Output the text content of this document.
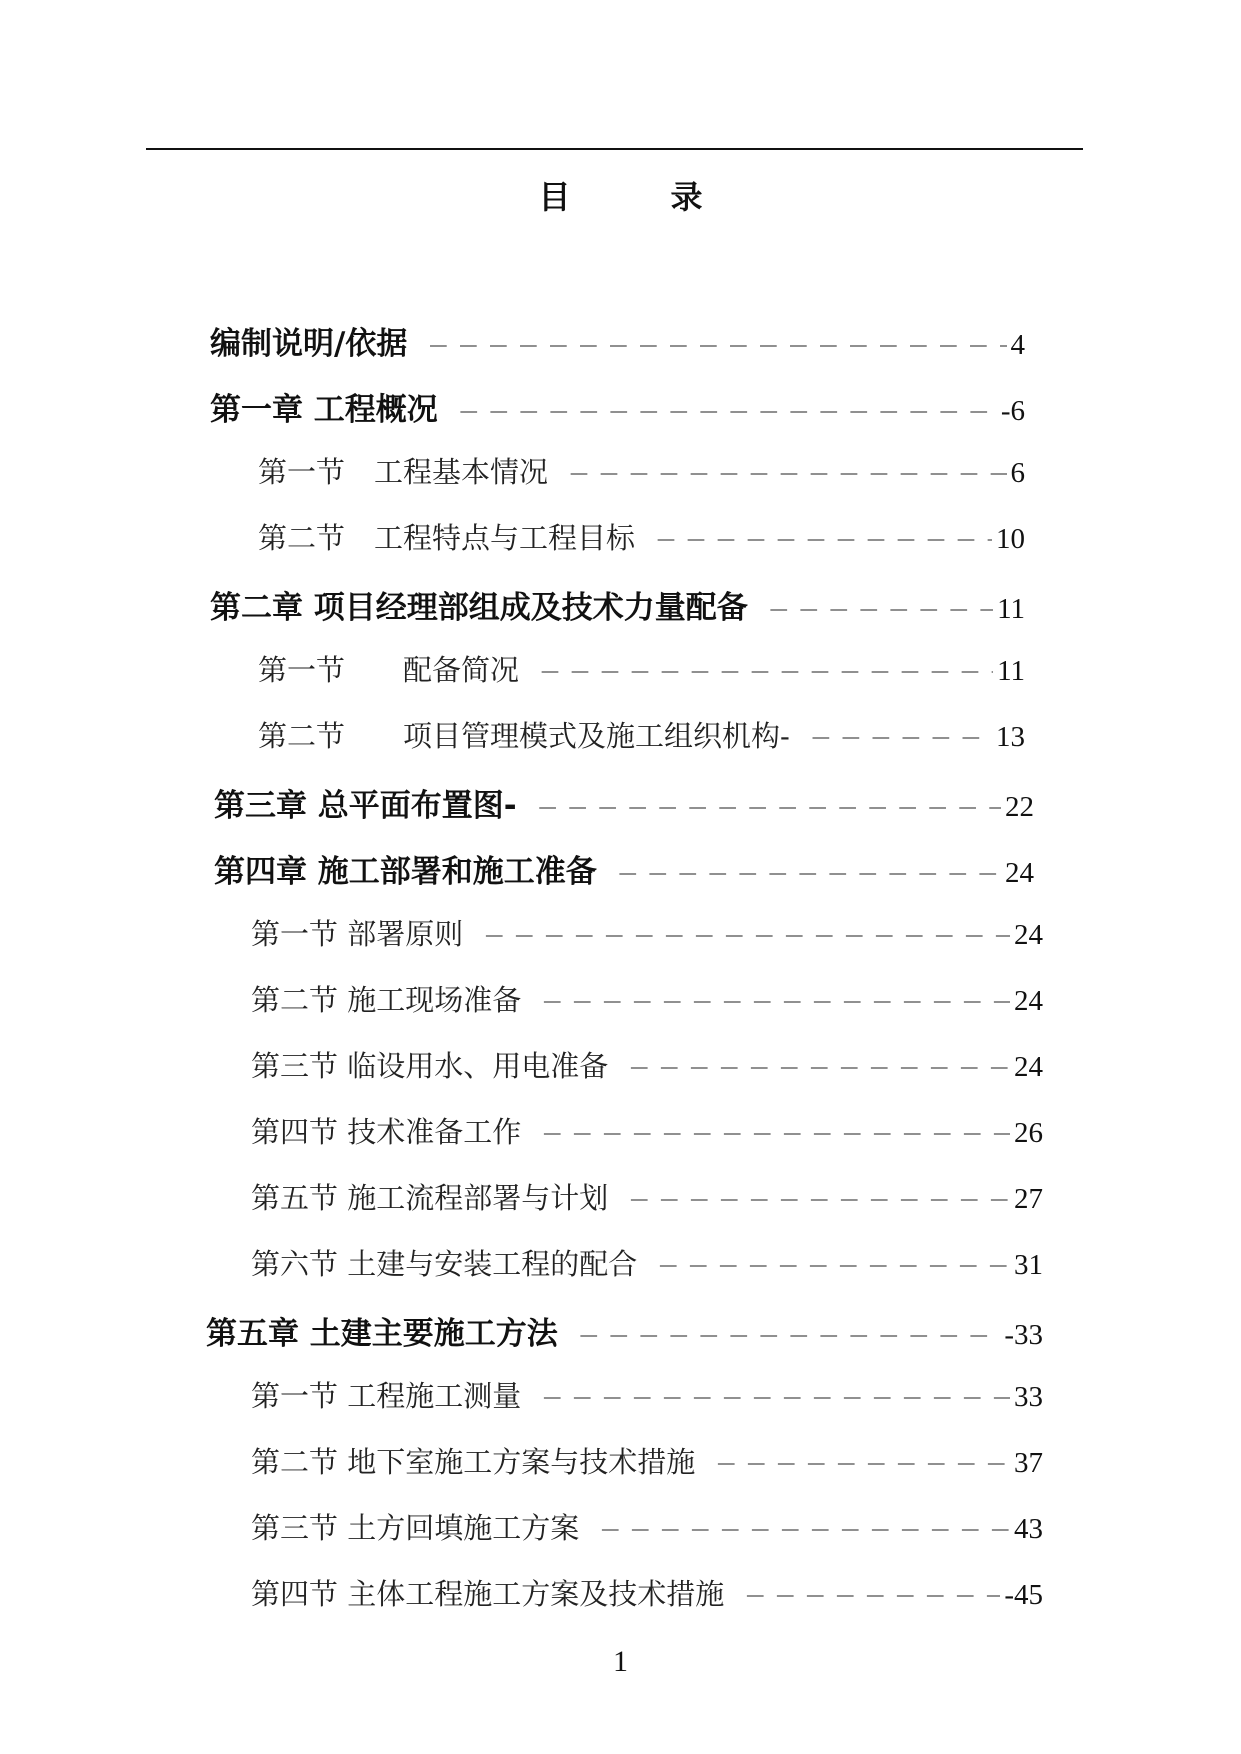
目　录
编制说明/依据 －－－－－－－－－－－－－－－－－－－－－－－－－－－－－－－－－－－－－－－－	4
第一章 工程概况 －－－－－－－－－－－－－－－－－－－－－－－－－－－－－－－－－－－－－－－－	-6
第一节　工程基本情况 －－－－－－－－－－－－－－－－－－－－－－－－－－－－－－－－－－－－－－－－	6
第二节　工程特点与工程目标 －－－－－－－－－－－－－－－－－－－－－－－－－－－－－－－－－－－－－－－－	10
第二章 项目经理部组成及技术力量配备 －－－－－－－－－－－－－－－－－－－－－－－－－－－－－－－－－－－－－－－－	11
第一节　　配备简况 －－－－－－－－－－－－－－－－－－－－－－－－－－－－－－－－－－－－－－－－	11
第二节　　项目管理模式及施工组织机构- －－－－－－－－－－－－－－－－－－－－－－－－－－－－－－－－－－－－－－－－	13
第三章 总平面布置图- －－－－－－－－－－－－－－－－－－－－－－－－－－－－－－－－－－－－－－－－	22
第四章 施工部署和施工准备 －－－－－－－－－－－－－－－－－－－－－－－－－－－－－－－－－－－－－－－－	24
第一节 部署原则 －－－－－－－－－－－－－－－－－－－－－－－－－－－－－－－－－－－－－－－－	24
第二节 施工现场准备 －－－－－－－－－－－－－－－－－－－－－－－－－－－－－－－－－－－－－－－－	24
第三节 临设用水、用电准备 －－－－－－－－－－－－－－－－－－－－－－－－－－－－－－－－－－－－－－－－	24
第四节 技术准备工作 －－－－－－－－－－－－－－－－－－－－－－－－－－－－－－－－－－－－－－－－	26
第五节 施工流程部署与计划 －－－－－－－－－－－－－－－－－－－－－－－－－－－－－－－－－－－－－－－－	27
第六节 土建与安装工程的配合 －－－－－－－－－－－－－－－－－－－－－－－－－－－－－－－－－－－－－－－－	31
第五章 土建主要施工方法 －－－－－－－－－－－－－－－－－－－－－－－－－－－－－－－－－－－－－－－－	-33
第一节 工程施工测量 －－－－－－－－－－－－－－－－－－－－－－－－－－－－－－－－－－－－－－－－	33
第二节 地下室施工方案与技术措施 －－－－－－－－－－－－－－－－－－－－－－－－－－－－－－－－－－－－－－－－	37
第三节 土方回填施工方案 －－－－－－－－－－－－－－－－－－－－－－－－－－－－－－－－－－－－－－－－	43
第四节 主体工程施工方案及技术措施 －－－－－－－－－－－－－－－－－－－－－－－－－－－－－－－－－－－－－－－－	-45
1
